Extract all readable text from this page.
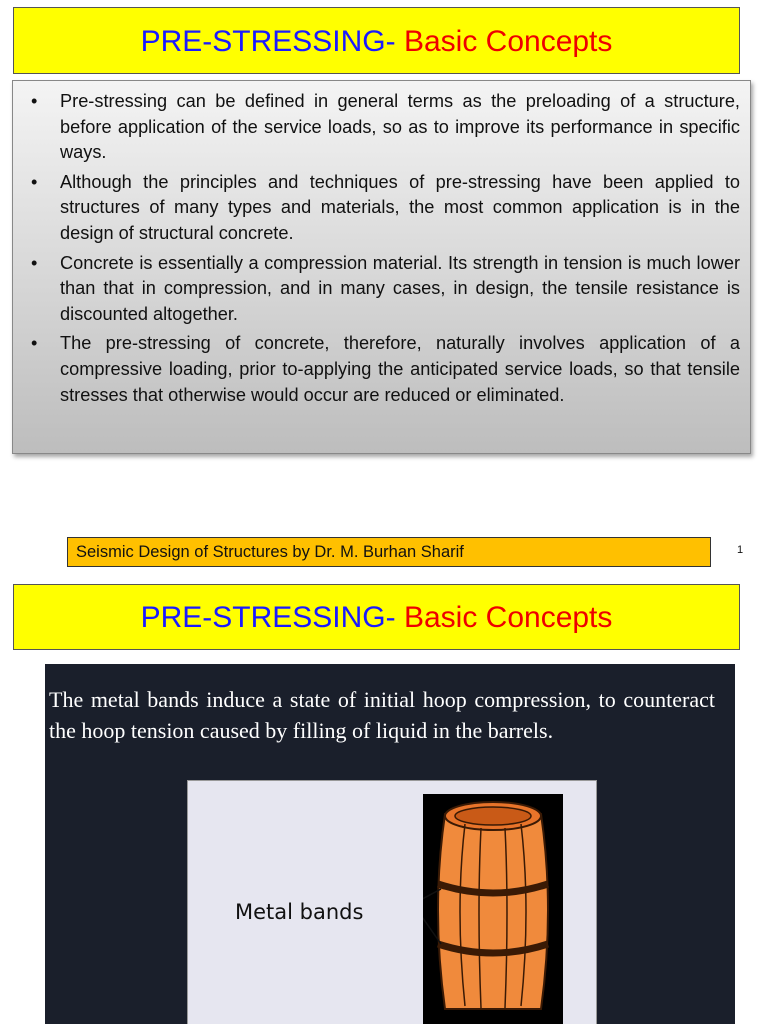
PRE-STRESSING- Basic Concepts
• Pre-stressing can be defined in general terms as the preloading of a structure, before application of the service loads, so as to improve its performance in specific ways.
• Although the principles and techniques of pre-stressing have been applied to structures of many types and materials, the most common application is in the design of structural concrete.
• Concrete is essentially a compression material. Its strength in tension is much lower than that in compression, and in many cases, in design, the tensile resistance is discounted altogether.
• The pre-stressing of concrete, therefore, naturally involves application of a compressive loading, prior to-applying the anticipated service loads, so that tensile stresses that otherwise would occur are reduced or eliminated.
Seismic Design of Structures by Dr. M. Burhan Sharif	1
PRE-STRESSING- Basic Concepts
The metal bands induce a state of initial hoop compression, to counteract the hoop tension caused by filling of liquid in the barrels.
Metal bands
